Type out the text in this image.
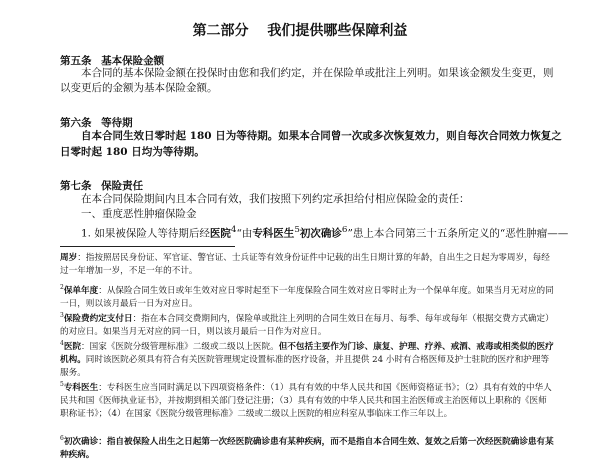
第二部分 我们提供哪些保障利益
第五条 基本保险金额
本合同的基本保险金额在投保时由您和我们约定，并在保险单或批注上列明。如果该金额发生变更，则
以变更后的金额为基本保险金额。
第六条 等待期
自本合同生效日零时起 180 日为等待期。如果本合同曾一次或多次恢复效力，则自每次合同效力恢复之
日零时起 180 日均为等待期。
第七条 保险责任
在本合同保险期间内且本合同有效，我们按照下列约定承担给付相应保险金的责任：
一、重度恶性肿瘤保险金
1. 如果被保险人等待期后经医院$^4$“由专科医生$^5$初次确诊$^6$”患上本合同第三十五条所定义的“恶性肿瘤——
周岁：指按照居民身份证、军官证、警官证、士兵证等有效身份证件中记载的出生日期计算的年龄，自出生之日起为零周岁，每经过一年增加一岁，不足一年的不计。
$^2$保单年度：从保险合同生效日或年生效对应日零时起至下一年度保险合同生效对应日零时止为一个保单年度。如果当月无对应的同一日，则以该月最后一日为对应日。
$^3$保险费约定支付日：指在本合同交费期间内，保险单或批注上列明的合同生效日在每月、每季、每年或每年（根据交费方式确定）的对应日。如果当月无对应的同一日，则以该月最后一日作为对应日。
$^4$医院：国家《医院分级管理标准》二级或二级以上医院。但不包括主要作为门诊、康复、护理、疗养、戒酒、戒毒或相类似的医疗机构。同时该医院必须具有符合有关医院管理规定设置标准的医疗设备，并且提供 24 小时有合格医师及护士驻院的医疗和护理等服务。
$^5$专科医生：专科医生应当同时满足以下四项资格条件：（1）具有有效的中华人民共和国《医师资格证书》；（2）具有有效的中华人民共和国《医师执业证书》，并按期到相关部门登记注册；（3）具有有效的中华人民共和国主治医师或主治医师以上职称的《医师职称证书》；（4）在国家《医院分级管理标准》二级或二级以上医院的相应科室从事临床工作三年以上。
$^6$初次确诊：指自被保险人出生之日起第一次经医院确诊患有某种疾病，而不是指自本合同生效、复效之后第一次经医院确诊患有某种疾病。
